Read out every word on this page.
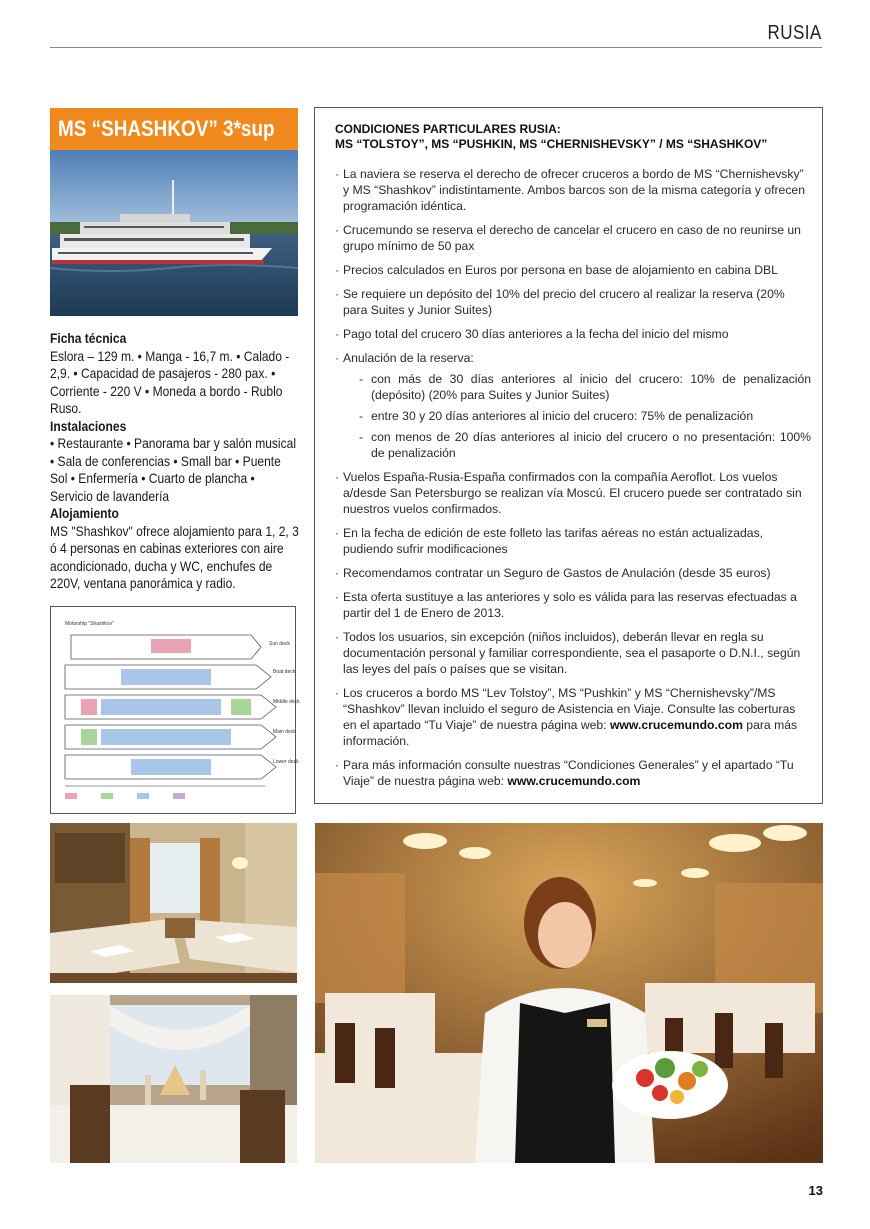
RUSIA
MS “SHASHKOV” 3*sup
Ficha técnica
Eslora – 129 m. • Manga - 16,7 m. • Calado - 2,9. • Capacidad de pasajeros - 280 pax. • Corriente - 220 V • Moneda a bordo - Rublo Ruso.
Instalaciones
• Restaurante • Panorama bar y salón musical • Sala de conferencias • Small bar • Puente Sol • Enfermería • Cuarto de plancha • Servicio de lavandería
Alojamiento
MS "Shashkov" ofrece alojamiento para 1, 2, 3 ó 4 personas en cabinas exteriores con aire acondicionado, ducha y WC, enchufes de 220V, ventana panorámica y radio.
Motorship "Shashkov"
Sun deck
Boat deck
Middle deck
Main deck
Lower deck
CONDICIONES PARTICULARES RUSIA:
MS “TOLSTOY”, MS “PUSHKIN, MS “CHERNISHEVSKY” / MS “SHASHKOV”
· La naviera se reserva el derecho de ofrecer cruceros a bordo de MS “Chernishevsky” y MS “Shashkov” indistintamente. Ambos barcos son de la misma categoría y ofrecen programación idéntica.
· Crucemundo se reserva el derecho de cancelar el crucero en caso de no reunirse un grupo mínimo de 50 pax
· Precios calculados en Euros por persona en base de alojamiento en cabina DBL
· Se requiere un depósito del 10% del precio del crucero al realizar la reserva (20% para Suites y Junior Suites)
· Pago total del crucero 30 días anteriores a la fecha del inicio del mismo
· Anulación de la reserva:
- con más de 30 días anteriores al inicio del crucero: 10% de penalización (depósito) (20% para Suites y Junior Suites)
- entre 30 y 20 días anteriores al inicio del crucero: 75% de penalización
- con menos de 20 días anteriores al inicio del crucero o no presentación: 100% de penalización
· Vuelos España-Rusia-España confirmados con la compañía Aeroflot. Los vuelos a/desde San Petersburgo se realizan vía Moscú. El crucero puede ser contratado sin nuestros vuelos confirmados.
· En la fecha de edición de este folleto las tarifas aéreas no están actualizadas, pudiendo sufrir modificaciones
· Recomendamos contratar un Seguro de Gastos de Anulación (desde 35 euros)
· Esta oferta sustituye a las anteriores y solo es válida para las reservas efectuadas a partir del 1 de Enero de 2013.
· Todos los usuarios, sin excepción (niños incluidos), deberán llevar en regla su documentación personal y familiar correspondiente, sea el pasaporte o D.N.I., según las leyes del país o países que se visitan.
· Los cruceros a bordo MS “Lev Tolstoy”, MS “Pushkin” y MS “Chernishevsky”/MS “Shashkov” llevan incluido el seguro de Asistencia en Viaje. Consulte las coberturas en el apartado “Tu Viaje” de nuestra página web: www.crucemundo.com para más información.
· Para más información consulte nuestras “Condiciones Generales” y el apartado “Tu Viaje” de nuestra página web: www.crucemundo.com
13
